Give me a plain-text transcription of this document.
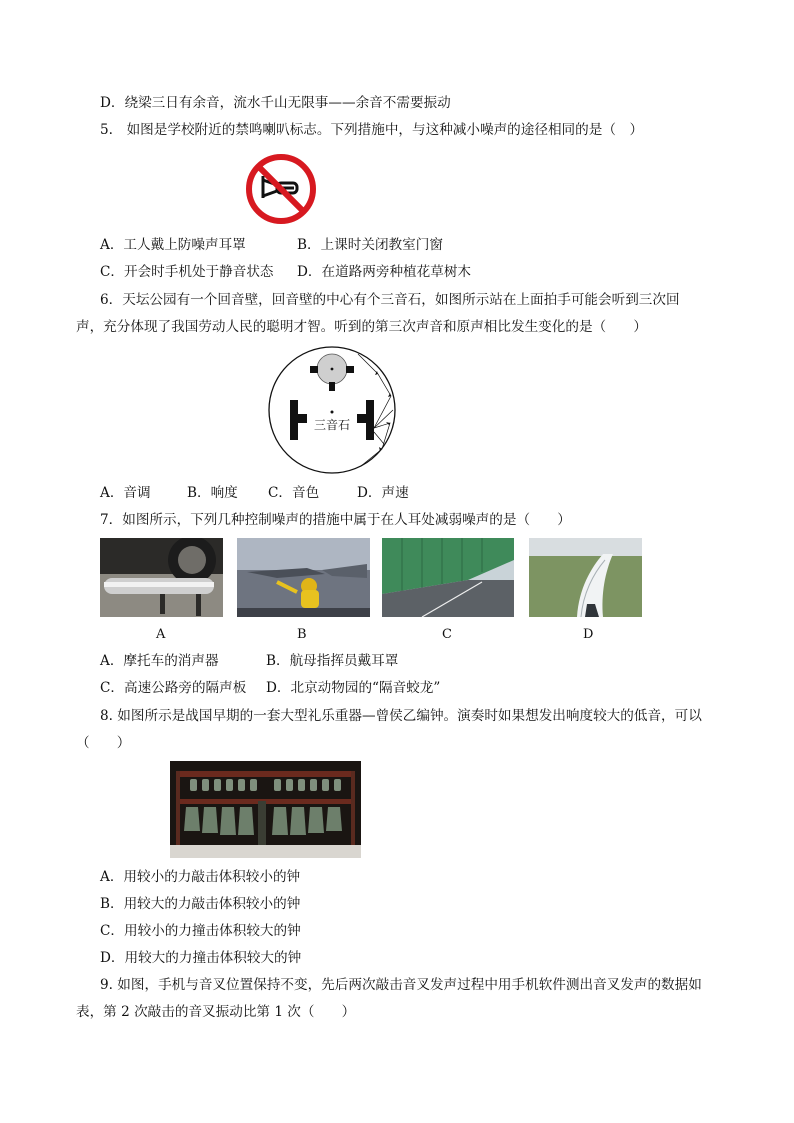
D．绕梁三日有余音，流水千山无限事——余音不需要振动
5.　如图是学校附近的禁鸣喇叭标志。下列措施中，与这种减小噪声的途径相同的是（　）
A．工人戴上防噪声耳罩	B．上课时关闭教室门窗
C．开会时手机处于静音状态 D．在道路两旁种植花草树木
6．天坛公园有一个回音壁，回音壁的中心有个三音石，如图所示站在上面拍手可能会听到三次回
声，充分体现了我国劳动人民的聪明才智。听到的第三次声音和原声相比发生变化的是（　　）
三音石
A．音调	B．响度 C．音色	D．声速
7．如图所示，下列几种控制噪声的措施中属于在人耳处减弱噪声的是（　　）
A	B	C	D
A．摩托车的消声器	B．航母指挥员戴耳罩
C．高速公路旁的隔声板 D．北京动物园的“隔音蛟龙”
8. 如图所示是战国早期的一套大型礼乐重器—曾侯乙编钟。演奏时如果想发出响度较大的低音，可以
（　　）
A．用较小的力敲击体积较小的钟
B．用较大的力敲击体积较小的钟
C．用较小的力撞击体积较大的钟
D．用较大的力撞击体积较大的钟
9. 如图，手机与音叉位置保持不变，先后两次敲击音叉发声过程中用手机软件测出音叉发声的数据如
表，第 2 次敲击的音叉振动比第 1 次（　　）
